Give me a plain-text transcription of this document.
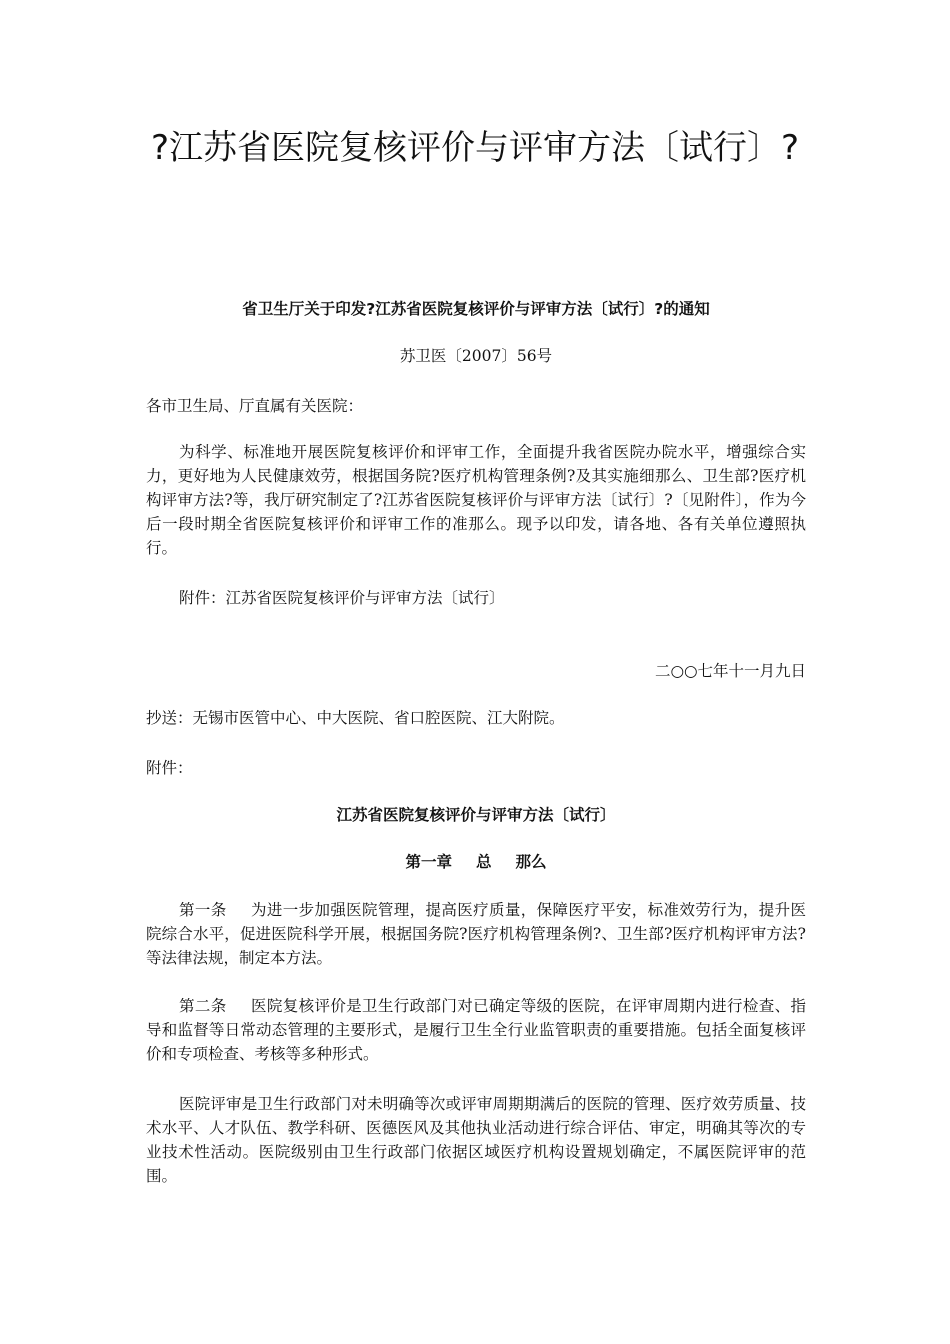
?江苏省医院复核评价与评审方法〔试行〕?

省卫生厅关于印发?江苏省医院复核评价与评审方法〔试行〕?的通知

苏卫医〔2007〕56号

各市卫生局、厅直属有关医院：

为科学、标准地开展医院复核评价和评审工作，全面提升我省医院办院水平，增强综合实力，更好地为人民健康效劳，根据国务院?医疗机构管理条例?及其实施细那么、卫生部?医疗机构评审方法?等，我厅研究制定了?江苏省医院复核评价与评审方法〔试行〕?〔见附件〕，作为今后一段时期全省医院复核评价和评审工作的准那么。现予以印发，请各地、各有关单位遵照执行。

附件：江苏省医院复核评价与评审方法〔试行〕

二○○七年十一月九日

抄送：无锡市医管中心、中大医院、省口腔医院、江大附院。

附件：

江苏省医院复核评价与评审方法〔试行〕

第一章 总 那么

第一条 为进一步加强医院管理，提高医疗质量，保障医疗平安，标准效劳行为，提升医院综合水平，促进医院科学开展，根据国务院?医疗机构管理条例?、卫生部?医疗机构评审方法?等法律法规，制定本方法。

第二条 医院复核评价是卫生行政部门对已确定等级的医院，在评审周期内进行检查、指导和监督等日常动态管理的主要形式，是履行卫生全行业监管职责的重要措施。包括全面复核评价和专项检查、考核等多种形式。

医院评审是卫生行政部门对未明确等次或评审周期期满后的医院的管理、医疗效劳质量、技术水平、人才队伍、教学科研、医德医风及其他执业活动进行综合评估、审定，明确其等次的专业技术性活动。医院级别由卫生行政部门依据区域医疗机构设置规划确定，不属医院评审的范围。
